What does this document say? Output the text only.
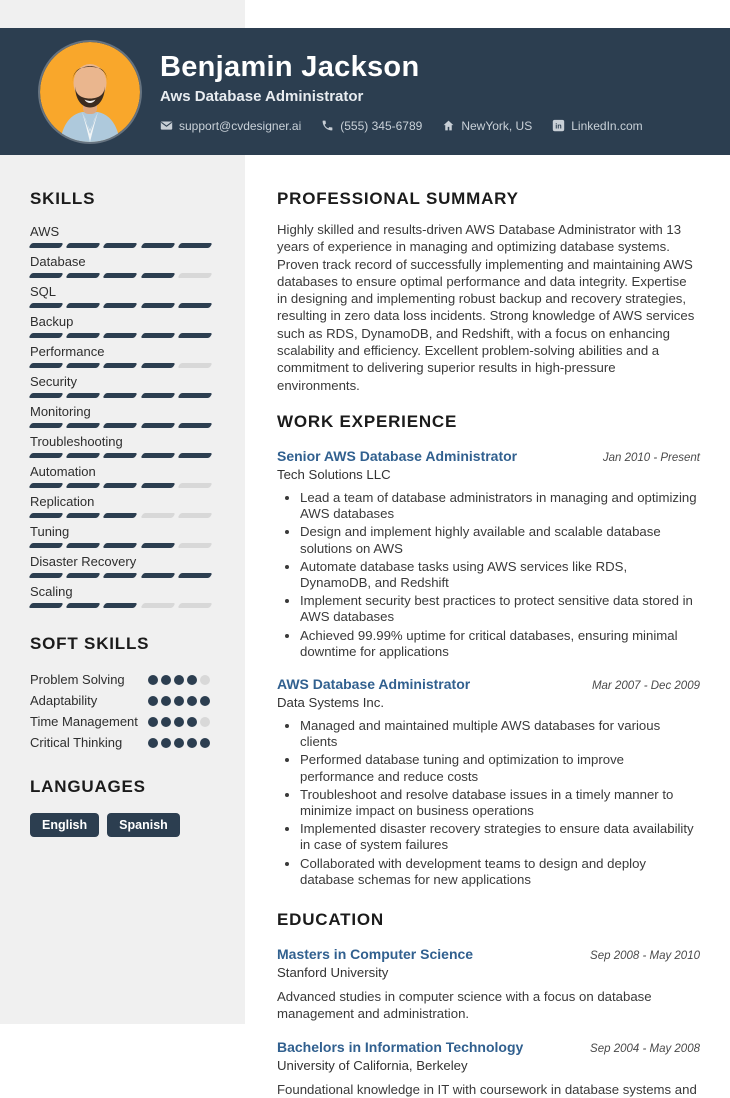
Benjamin Jackson
Aws Database Administrator
support@cvdesigner.ai	(555) 345-6789	NewYork, US	in LinkedIn.com
SKILLS
AWS
Database
SQL
Backup
Performance
Security
Monitoring
Troubleshooting
Automation
Replication
Tuning
Disaster Recovery
Scaling
SOFT SKILLS
Problem Solving
Adaptability
Time Management
Critical Thinking
LANGUAGES
English	Spanish
PROFESSIONAL SUMMARY

Highly skilled and results-driven AWS Database Administrator with 13 years of experience in managing and optimizing database systems. Proven track record of successfully implementing and maintaining AWS databases to ensure optimal performance and data integrity. Expertise in designing and implementing robust backup and recovery strategies, resulting in zero data loss incidents. Strong knowledge of AWS services such as RDS, DynamoDB, and Redshift, with a focus on enhancing scalability and efficiency. Excellent problem-solving abilities and a commitment to delivering superior results in high-pressure environments.

WORK EXPERIENCE
Senior AWS Database Administrator	Jan 2010 - Present
Tech Solutions LLC
• Lead a team of database administrators in managing and optimizing AWS databases
• Design and implement highly available and scalable database solutions on AWS
• Automate database tasks using AWS services like RDS, DynamoDB, and Redshift
• Implement security best practices to protect sensitive data stored in AWS databases
• Achieved 99.99% uptime for critical databases, ensuring minimal downtime for applications
AWS Database Administrator	Mar 2007 - Dec 2009
Data Systems Inc.
• Managed and maintained multiple AWS databases for various clients
• Performed database tuning and optimization to improve performance and reduce costs
• Troubleshoot and resolve database issues in a timely manner to minimize impact on business operations
• Implemented disaster recovery strategies to ensure data availability in case of system failures
• Collaborated with development teams to design and deploy database schemas for new applications
EDUCATION
Masters in Computer Science	Sep 2008 - May 2010
Stanford University

Advanced studies in computer science with a focus on database management and administration.

Bachelors in Information Technology	Sep 2004 - May 2008
University of California, Berkeley

Foundational knowledge in IT with coursework in database systems and
